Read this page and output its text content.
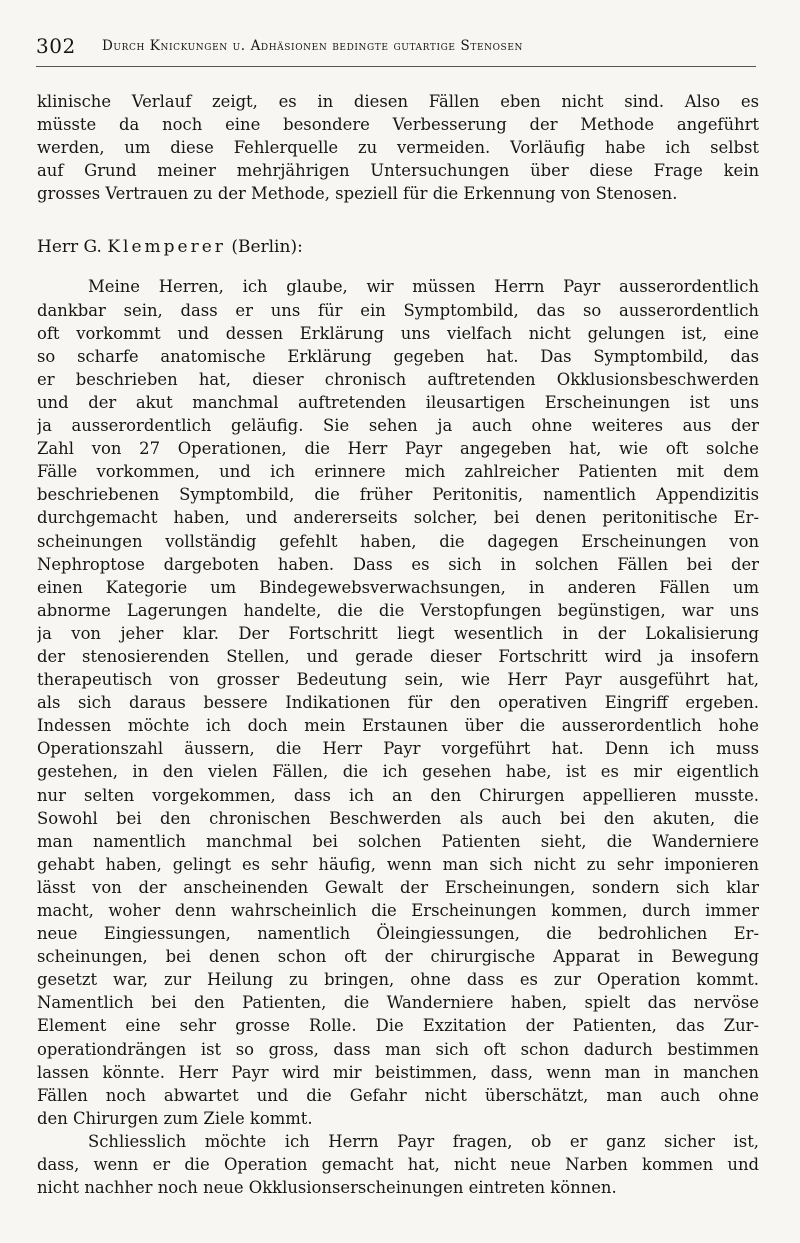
302 Durch Knickungen u. Adhäsionen bedingte gutartige Stenosen
klinische Verlauf zeigt, es in diesen Fällen eben nicht sind. Also es
müsste da noch eine besondere Verbesserung der Methode angeführt
werden, um diese Fehlerquelle zu vermeiden. Vorläufig habe ich selbst
auf Grund meiner mehrjährigen Untersuchungen über diese Frage kein
grosses Vertrauen zu der Methode, speziell für die Erkennung von Stenosen.
Herr G. Klemperer (Berlin):
Meine Herren, ich glaube, wir müssen Herrn Payr ausserordentlich
dankbar sein, dass er uns für ein Symptombild, das so ausserordentlich
oft vorkommt und dessen Erklärung uns vielfach nicht gelungen ist, eine
so scharfe anatomische Erklärung gegeben hat. Das Symptombild, das
er beschrieben hat, dieser chronisch auftretenden Okklusionsbeschwerden
und der akut manchmal auftretenden ileusartigen Erscheinungen ist uns
ja ausserordentlich geläufig. Sie sehen ja auch ohne weiteres aus der
Zahl von 27 Operationen, die Herr Payr angegeben hat, wie oft solche
Fälle vorkommen, und ich erinnere mich zahlreicher Patienten mit dem
beschriebenen Symptombild, die früher Peritonitis, namentlich Appendizitis
durchgemacht haben, und andererseits solcher, bei denen peritonitische Er-
scheinungen vollständig gefehlt haben, die dagegen Erscheinungen von
Nephroptose dargeboten haben. Dass es sich in solchen Fällen bei der
einen Kategorie um Bindegewebsverwachsungen, in anderen Fällen um
abnorme Lagerungen handelte, die die Verstopfungen begünstigen, war uns
ja von jeher klar. Der Fortschritt liegt wesentlich in der Lokalisierung
der stenosierenden Stellen, und gerade dieser Fortschritt wird ja insofern
therapeutisch von grosser Bedeutung sein, wie Herr Payr ausgeführt hat,
als sich daraus bessere Indikationen für den operativen Eingriff ergeben.
Indessen möchte ich doch mein Erstaunen über die ausserordentlich hohe
Operationszahl äussern, die Herr Payr vorgeführt hat. Denn ich muss
gestehen, in den vielen Fällen, die ich gesehen habe, ist es mir eigentlich
nur selten vorgekommen, dass ich an den Chirurgen appellieren musste.
Sowohl bei den chronischen Beschwerden als auch bei den akuten, die
man namentlich manchmal bei solchen Patienten sieht, die Wanderniere
gehabt haben, gelingt es sehr häufig, wenn man sich nicht zu sehr imponieren
lässt von der anscheinenden Gewalt der Erscheinungen, sondern sich klar
macht, woher denn wahrscheinlich die Erscheinungen kommen, durch immer
neue Eingiessungen, namentlich Öleingiessungen, die bedrohlichen Er-
scheinungen, bei denen schon oft der chirurgische Apparat in Bewegung
gesetzt war, zur Heilung zu bringen, ohne dass es zur Operation kommt.
Namentlich bei den Patienten, die Wanderniere haben, spielt das nervöse
Element eine sehr grosse Rolle. Die Exzitation der Patienten, das Zur-
operationdrängen ist so gross, dass man sich oft schon dadurch bestimmen
lassen könnte. Herr Payr wird mir beistimmen, dass, wenn man in manchen
Fällen noch abwartet und die Gefahr nicht überschätzt, man auch ohne
den Chirurgen zum Ziele kommt.
Schliesslich möchte ich Herrn Payr fragen, ob er ganz sicher ist,
dass, wenn er die Operation gemacht hat, nicht neue Narben kommen und
nicht nachher noch neue Okklusionserscheinungen eintreten können.
